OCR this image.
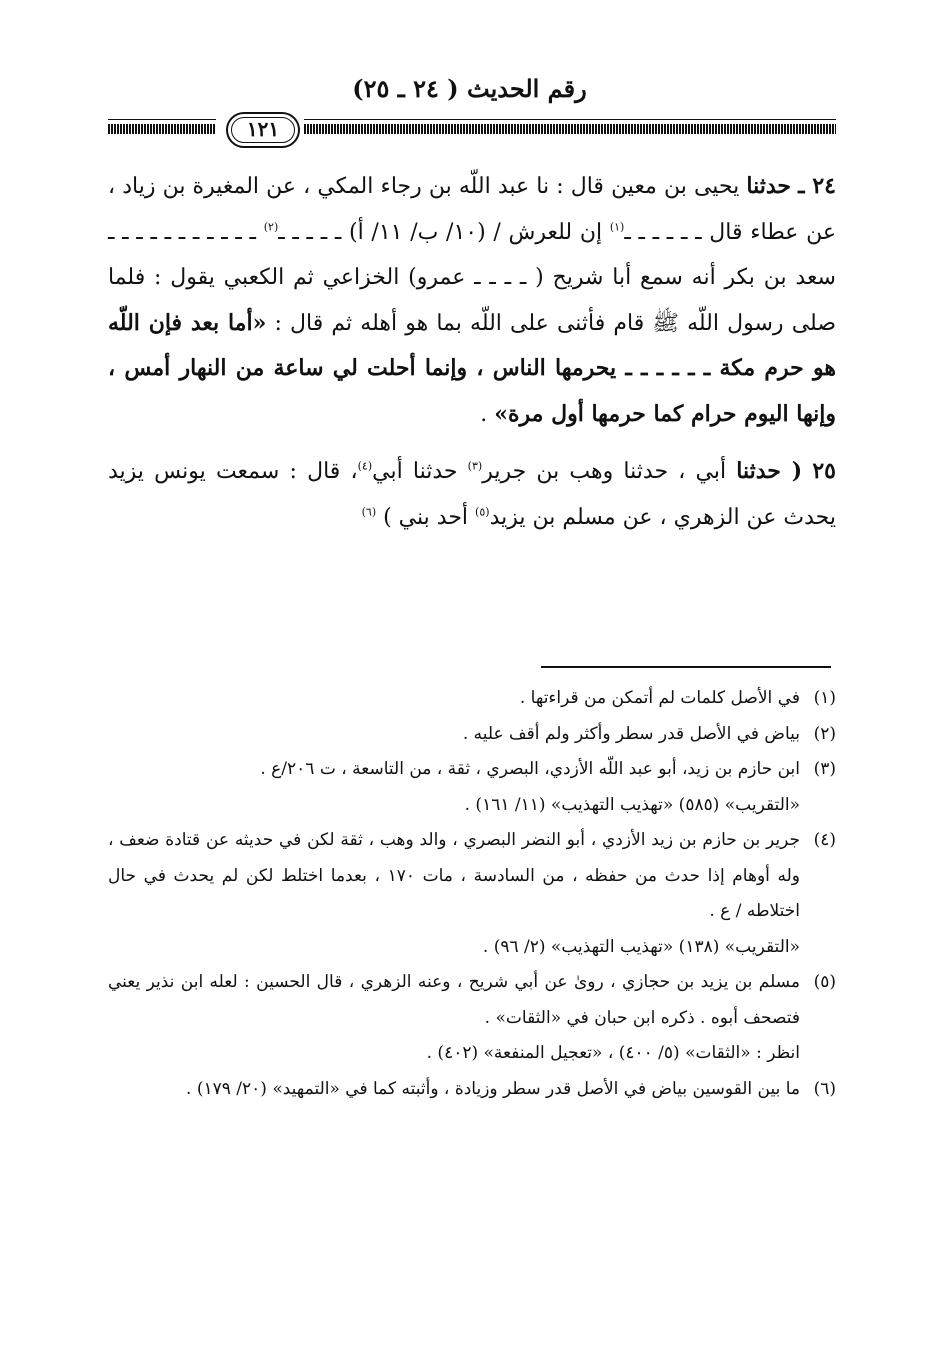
رقم الحديث ( ٢٤ ـ ٢٥)
١٢١

٢٤ ـ حدثنا يحيى بن معين قال : نا عبد اللّه بن رجاء المكي ، عن المغيرة بن زياد ، عن عطاء قال ـ ـ ـ ـ ـ ـ$^{(١)}$ إن للعرش / (١٠/ ب/ ١١/ أ) ـ ـ ـ ـ ـ$^{(٢)}$ ـ ـ ـ ـ ـ ـ ـ ـ ـ ـ ـ سعد بن بكر أنه سمع أبا شريح ( ـ ـ ـ ـ عمرو) الخزاعي ثم الكعبي يقول : فلما صلى رسول اللّه ﷺ قام فأثنى على اللّه بما هو أهله ثم قال : «أما بعد فإن اللّه هو حرم مكة ـ ـ ـ ـ ـ ـ يحرمها الناس ، وإنما أحلت لي ساعة من النهار أمس ، وإنها اليوم حرام كما حرمها أول مرة» .

٢٥ ( حدثنا أبي ، حدثنا وهب بن جرير$^{(٣)}$ حدثنا أبي$^{(٤)}$، قال : سمعت يونس يزيد يحدث عن الزهري ، عن مسلم بن يزيد$^{(٥)}$ أحد بني ) $^{(٦)}$

(١)في الأصل كلمات لم أتمكن من قراءتها .

(٢)بياض في الأصل قدر سطر وأكثر ولم أقف عليه .

(٣)ابن حازم بن زيد، أبو عبد اللّه الأزدي، البصري ، ثقة ، من التاسعة ، ت ٢٠٦/ع .

«التقريب» (٥٨٥) «تهذيب التهذيب» (١١/ ١٦١) .

(٤)جرير بن حازم بن زيد الأزدي ، أبو النضر البصري ، والد وهب ، ثقة لكن في حديثه عن قتادة ضعف ، وله أوهام إذا حدث من حفظه ، من السادسة ، مات ١٧٠ ، بعدما اختلط لكن لم يحدث في حال اختلاطه / ع .

«التقريب» (١٣٨) «تهذيب التهذيب» (٢/ ٩٦) .

(٥)مسلم بن يزيد بن حجازي ، روىٰ عن أبي شريح ، وعنه الزهري ، قال الحسين : لعله ابن نذير يعني فتصحف أبوه . ذكره ابن حبان في «الثقات» .

انظر : «الثقات» (٥/ ٤٠٠) ، «تعجيل المنفعة» (٤٠٢) .

(٦)ما بين القوسين بياض في الأصل قدر سطر وزيادة ، وأثبته كما في «التمهيد» (٢٠/ ١٧٩) .
